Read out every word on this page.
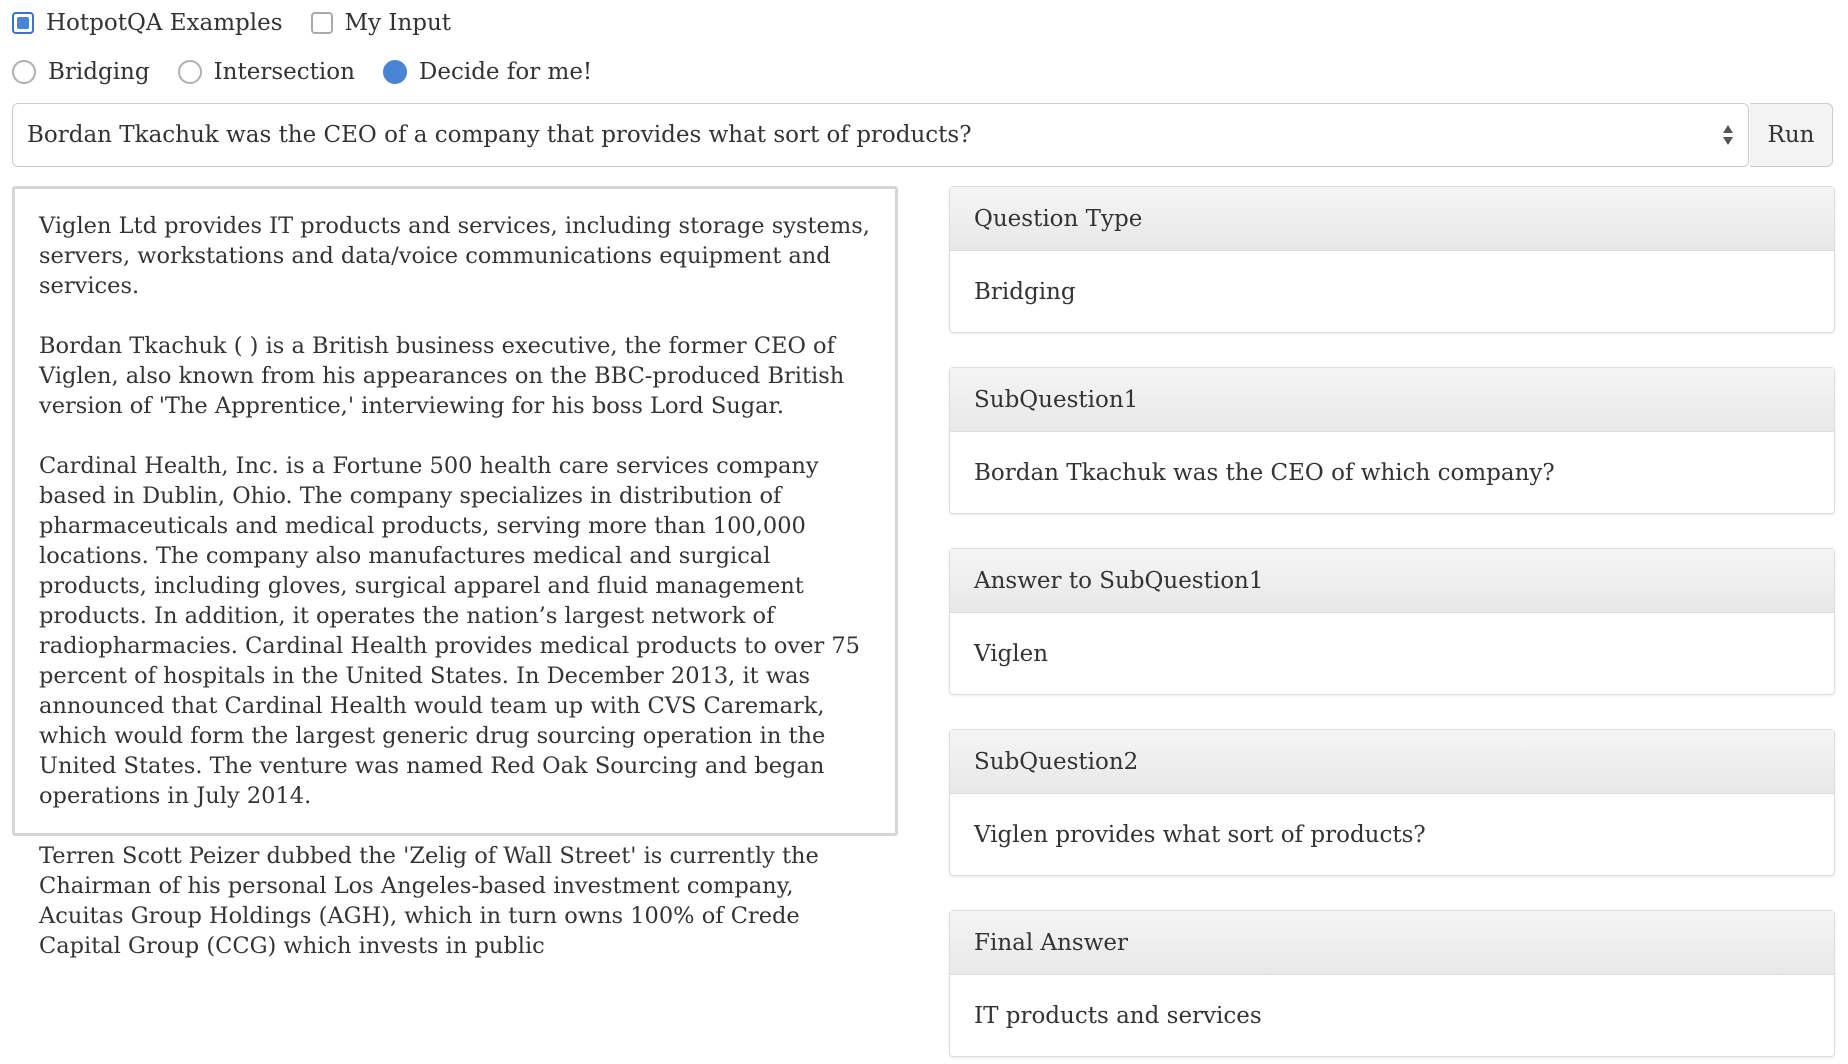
HotpotQA Examples	My Input
Bridging	Intersection	Decide for me!
Bordan Tkachuk was the CEO of a company that provides what sort of products?	Run

Viglen Ltd provides IT products and services, including storage systems, servers, workstations and data/voice communications equipment and services.

Bordan Tkachuk ( ) is a British business executive, the former CEO of Viglen, also known from his appearances on the BBC-produced British version of 'The Apprentice,' interviewing for his boss Lord Sugar.

Cardinal Health, Inc. is a Fortune 500 health care services company based in Dublin, Ohio. The company specializes in distribution of pharmaceuticals and medical products, serving more than 100,000 locations. The company also manufactures medical and surgical products, including gloves, surgical apparel and fluid management products. In addition, it operates the nation’s largest network of radiopharmacies. Cardinal Health provides medical products to over 75 percent of hospitals in the United States. In December 2013, it was announced that Cardinal Health would team up with CVS Caremark, which would form the largest generic drug sourcing operation in the United States. The venture was named Red Oak Sourcing and began operations in July 2014.

Terren Scott Peizer dubbed the 'Zelig of Wall Street' is currently the Chairman of his personal Los Angeles-based investment company, Acuitas Group Holdings (AGH), which in turn owns 100% of Crede Capital Group (CCG) which invests in public

Question Type
Bridging
SubQuestion1
Bordan Tkachuk was the CEO of which company?
Answer to SubQuestion1
Viglen
SubQuestion2
Viglen provides what sort of products?
Final Answer
IT products and services
